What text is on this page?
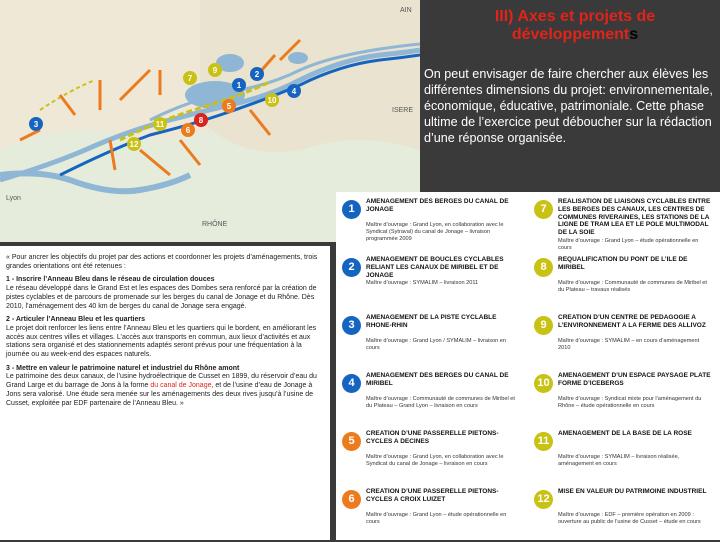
AIN
ISERE
RHÔNE
Lyon
1
2
3
4
5
6
7
8
9
10
11
12
III) Axes et projets de développements
On peut envisager de faire chercher aux élèves les différentes dimensions du projet: environnementale, économique, éducative, patrimoniale. Cette phase ultime de l’exercice peut déboucher sur la rédaction d’une réponse organisée.

« Pour ancrer les objectifs du projet par des actions et coordonner les projets d’aménagements, trois grandes orientations ont été retenues :

1 - Inscrire l’Anneau Bleu dans le réseau de circulation douces

Le réseau développé dans le Grand Est et les espaces des Dombes sera renforcé par la création de pistes cyclables et de parcours de promenade sur les berges du canal de Jonage et du Rhône. Dès 2010, l’aménagement des 40 km de berges du canal de Jonage sera engagé.

2 - Articuler l’Anneau Bleu et les quartiers

Le projet doit renforcer les liens entre l’Anneau Bleu et les quartiers qui le bordent, en améliorant les accès aux centres villes et villages. L’accès aux transports en commun, aux lieux d’activités et aux stations sera organisé et des stationnements adaptés seront prévus pour une fréquentation à la journée ou au week-end des espaces naturels.

3 - Mettre en valeur le patrimoine naturel et industriel du Rhône amont

Le patrimoine des deux canaux, de l’usine hydroélectrique de Cusset en 1899, du réservoir d’eau du Grand Large et du barrage de Jons à la forme du canal de Jonage, et de l’usine d’eau de Jonage à Jons sera valorisé. Une étude sera menée sur les aménagements des deux rives jusqu’à l’usine de Cusset, exploitée par EDF partenaire de l’Anneau Bleu. »

1
AMENAGEMENT DES BERGES DU CANAL DE JONAGE
Maître d’ouvrage : Grand Lyon, en collaboration avec le Syndicat (Sytraval) du canal de Jonage – livraison programmée 2009
2
AMENAGEMENT DE BOUCLES CYCLABLES RELIANT LES CANAUX DE MIRIBEL ET DE JONAGE
Maître d’ouvrage : SYMALIM – livraison 2011
3
AMENAGEMENT DE LA PISTE CYCLABLE RHONE-RHIN
Maître d’ouvrage : Grand Lyon / SYMALIM – livraison en cours
4
AMENAGEMENT DES BERGES DU CANAL DE MIRIBEL
Maître d’ouvrage : Communauté de communes de Miribel et du Plateau – Grand Lyon – livraison en cours
5
CREATION D’UNE PASSERELLE PIETONS-CYCLES A DECINES
Maître d’ouvrage : Grand Lyon, en collaboration avec le Syndicat du canal de Jonage – livraison en cours
6
CREATION D’UNE PASSERELLE PIETONS-CYCLES A CROIX LUIZET
Maître d’ouvrage : Grand Lyon – étude opérationnelle en cours
7
REALISATION DE LIAISONS CYCLABLES ENTRE LES BERGES DES CANAUX, LES CENTRES DE COMMUNES RIVERAINES, LES STATIONS DE LA LIGNE DE TRAM LEA ET LE POLE MULTIMODAL DE LA SOIE
Maître d’ouvrage : Grand Lyon – étude opérationnelle en cours
8
REQUALIFICATION DU PONT DE L’ILE DE MIRIBEL
Maître d’ouvrage : Communauté de communes de Miribel et du Plateau – travaux réalisés
9
CREATION D’UN CENTRE DE PEDAGOGIE A L’ENVIRONNEMENT A LA FERME DES ALLIVOZ
Maître d’ouvrage : SYMALIM – en cours d’aménagement 2010
10
AMENAGEMENT D’UN ESPACE PAYSAGE PLATE FORME D’ICEBERGS
Maître d’ouvrage : Syndicat mixte pour l’aménagement du Rhône – étude opérationnelle en cours
11
AMENAGEMENT DE LA BASE DE LA ROSE
Maître d’ouvrage : SYMALIM – livraison réalisée, aménagement en cours
12
MISE EN VALEUR DU PATRIMOINE INDUSTRIEL
Maître d’ouvrage : EDF – première opération en 2009 : ouverture au public de l’usine de Cusset – étude en cours
